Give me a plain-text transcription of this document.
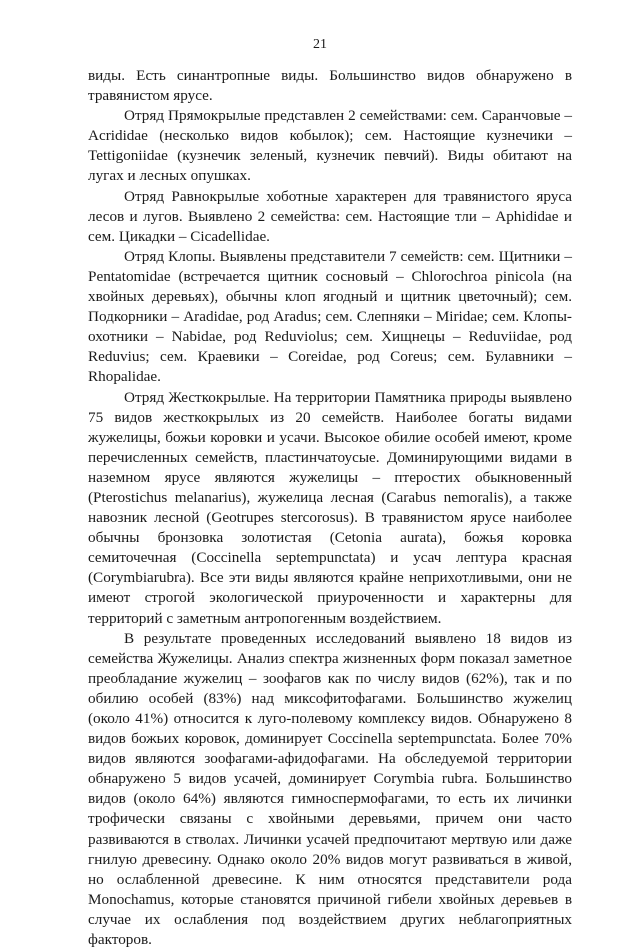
21

виды. Есть синантропные виды. Большинство видов обнаружено в травянистом ярусе.

Отряд Прямокрылые представлен 2 семействами: сем. Саранчовые – Acrididae (несколько видов кобылок); сем. Настоящие кузнечики – Tettigoniidae (кузнечик зеленый, кузнечик певчий). Виды обитают на лугах и лесных опушках.

Отряд Равнокрылые хоботные характерен для травянистого яруса лесов и лугов. Выявлено 2 семейства: сем. Настоящие тли – Aphididae и сем. Цикадки – Cicadellidae.

Отряд Клопы. Выявлены представители 7 семейств: сем. Щитники – Pentatomidae (встречается щитник сосновый – Chlorochroa pinicola (на хвойных деревьях), обычны клоп ягодный и щитник цветочный); сем. Подкорники – Aradidae, род Aradus; сем. Слепняки – Miridae; сем. Клопы-охотники – Nabidae, род Reduviolus; сем. Хищнецы – Reduviidae, род Reduvius; сем. Краевики – Coreidae, род Coreus; сем. Булавники – Rhopalidae.

Отряд Жесткокрылые. На территории Памятника природы выявлено 75 видов жесткокрылых из 20 семейств. Наиболее богаты видами жужелицы, божьи коровки и усачи. Высокое обилие особей имеют, кроме перечисленных семейств, пластинчатоусые. Доминирующими видами в наземном ярусе являются жужелицы – птеростих обыкновенный (Pterostichus melanarius), жужелица лесная (Carabus nemoralis), а также навозник лесной (Geotrupes stercorosus). В травянистом ярусе наиболее обычны бронзовка золотистая (Cetonia aurata), божья коровка семиточечная (Coccinella septempunctata) и усач лептура красная (Corymbiarubra). Все эти виды являются крайне неприхотливыми, они не имеют строгой экологической приуроченности и характерны для территорий с заметным антропогенным воздействием.

В результате проведенных исследований выявлено 18 видов из семейства Жужелицы. Анализ спектра жизненных форм показал заметное преобладание жужелиц – зоофагов как по числу видов (62%), так и по обилию особей (83%) над миксофитофагами. Большинство жужелиц (около 41%) относится к луго-полевому комплексу видов. Обнаружено 8 видов божьих коровок, доминирует Coccinella septempunctata. Более 70% видов являются зоофагами-афидофагами. На обследуемой территории обнаружено 5 видов усачей, доминирует Corymbia rubra. Большинство видов (около 64%) являются гимноспермофагами, то есть их личинки трофически связаны с хвойными деревьями, причем они часто развиваются в стволах. Личинки усачей предпочитают мертвую или даже гнилую древесину. Однако около 20% видов могут развиваться в живой, но ослабленной древесине. К ним относятся представители рода Monochamus, которые становятся причиной гибели хвойных деревьев в случае их ослабления под воздействием других неблагоприятных факторов.
